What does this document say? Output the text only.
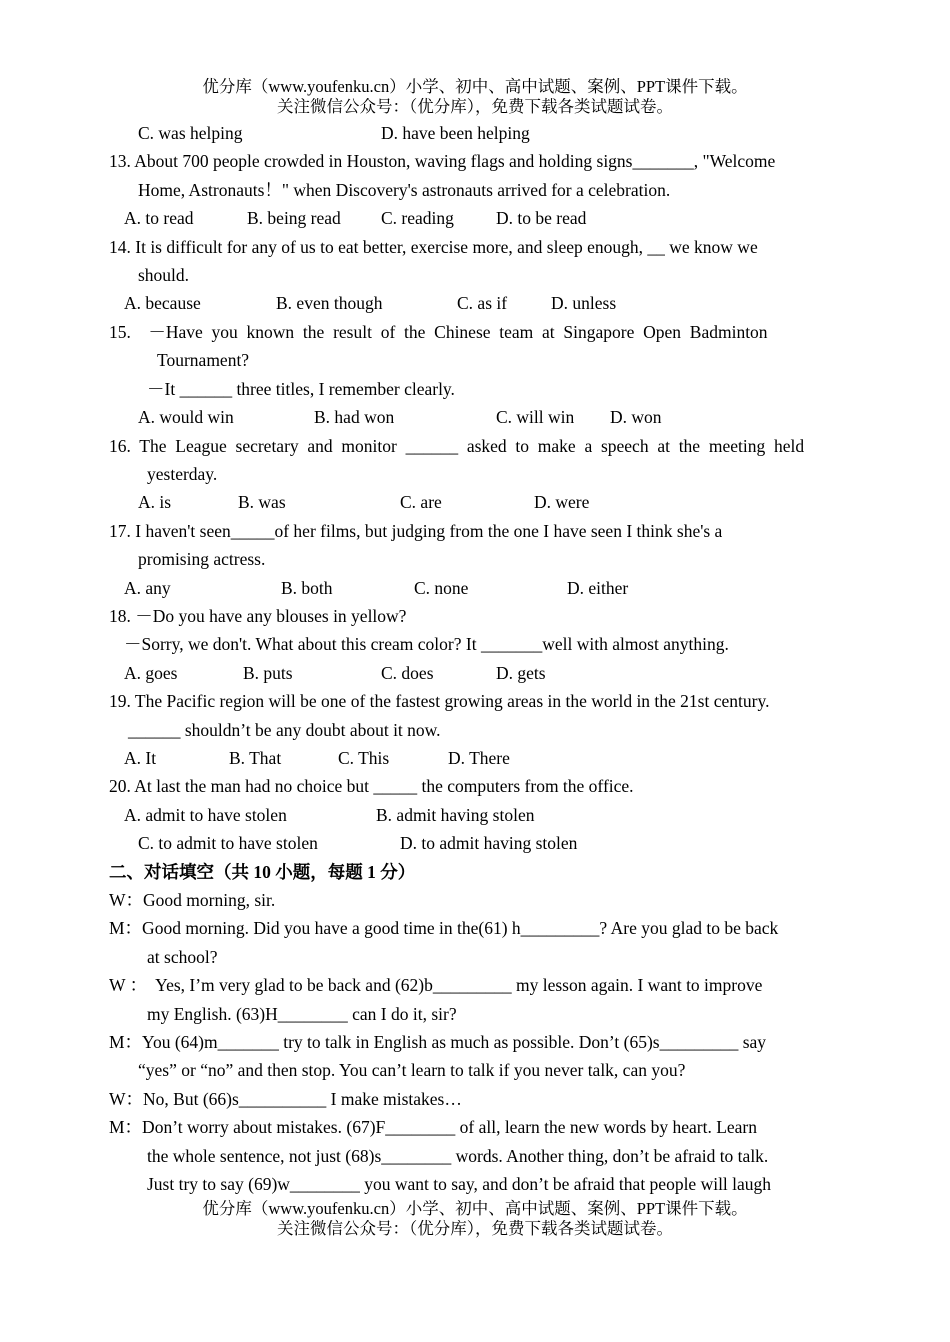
优分库（www.youfenku.cn）小学、初中、高中试题、案例、PPT课件下载。
关注微信公众号：（优分库），免费下载各类试题试卷。
C. was helping	D. have been helping
13. About 700 people crowded in Houston, waving flags and holding signs_______, "Welcome
Home, Astronauts！" when Discovery's astronauts arrived for a celebration.
A. to read	B. being read C. reading D. to be read
14. It is difficult for any of us to eat better, exercise more, and sleep enough, __ we know we
should.
A. because	B. even though	C. as if	D. unless
15.    －Have  you  known  the  result  of  the  Chinese  team  at  Singapore  Open  Badminton
Tournament?
－It ______ three titles, I remember clearly.
A. would win	B. had won	C. will win D. won
16.  The  League  secretary  and  monitor  ______  asked  to  make  a  speech  at  the  meeting  held
yesterday.
A. is	B. was	C. are	D. were
17. I haven't seen_____of her films, but judging from the one I have seen I think she's a
promising actress.
A. any	B. both	C. none	D. either
18. －Do you have any blouses in yellow?
－Sorry, we don't. What about this cream color? It _______well with almost anything.
A. goes	B. puts	C. does	D. gets
19. The Pacific region will be one of the fastest growing areas in the world in the 21st century.
______ shouldn’t be any doubt about it now.
A. It	B. That	C. This	D. There
20. At last the man had no choice but _____ the computers from the office.
A. admit to have stolen	B. admit having stolen
C. to admit to have stolen	D. to admit having stolen
二、对话填空（共 10 小题，每题 1 分）
W：Good morning, sir.
M：Good morning. Did you have a good time in the(61) h_________? Are you glad to be back
at school?
W ：  Yes, I’m very glad to be back and (62)b_________ my lesson again. I want to improve
my English. (63)H________ can I do it, sir?
M：You (64)m_______ try to talk in English as much as possible. Don’t (65)s_________ say
“yes” or “no” and then stop. You can’t learn to talk if you never talk, can you?
W：No, But (66)s__________ I make mistakes…
M：Don’t worry about mistakes. (67)F________ of all, learn the new words by heart. Learn
the whole sentence, not just (68)s________ words. Another thing, don’t be afraid to talk.
Just try to say (69)w________ you want to say, and don’t be afraid that people will laugh
优分库（www.youfenku.cn）小学、初中、高中试题、案例、PPT课件下载。
关注微信公众号：（优分库），免费下载各类试题试卷。
